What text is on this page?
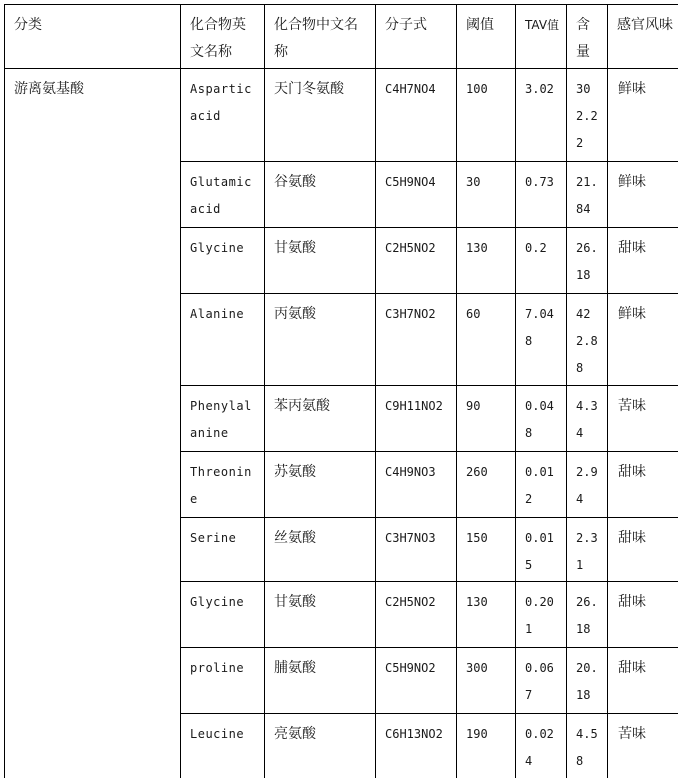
分类	化合物英文名称	化合物中文名称	分子式	阈值	TAV值	含量	感官风味

游离氨基酸	Aspartic acid	天门冬氨酸	C4H7NO4	100	3.02	302.22	鲜味

	Glutamic acid	谷氨酸	C5H9NO4	30	0.73	21.84	鲜味

	Glycine	甘氨酸	C2H5NO2	130	0.2	26.18	甜味

	Alanine	丙氨酸	C3H7NO2	60	7.048	422.88	鲜味

	Phenylalanine	苯丙氨酸	C9H11NO2	90	0.048	4.34	苦味

	Threonine	苏氨酸	C4H9NO3	260	0.012	2.94	甜味

	Serine	丝氨酸	C3H7NO3	150	0.015	2.31	甜味

	Glycine	甘氨酸	C2H5NO2	130	0.201	26.18	甜味

	proline	脯氨酸	C5H9NO2	300	0.067	20.18	甜味

	Leucine	亮氨酸	C6H13NO2	190	0.024	4.58	苦味
